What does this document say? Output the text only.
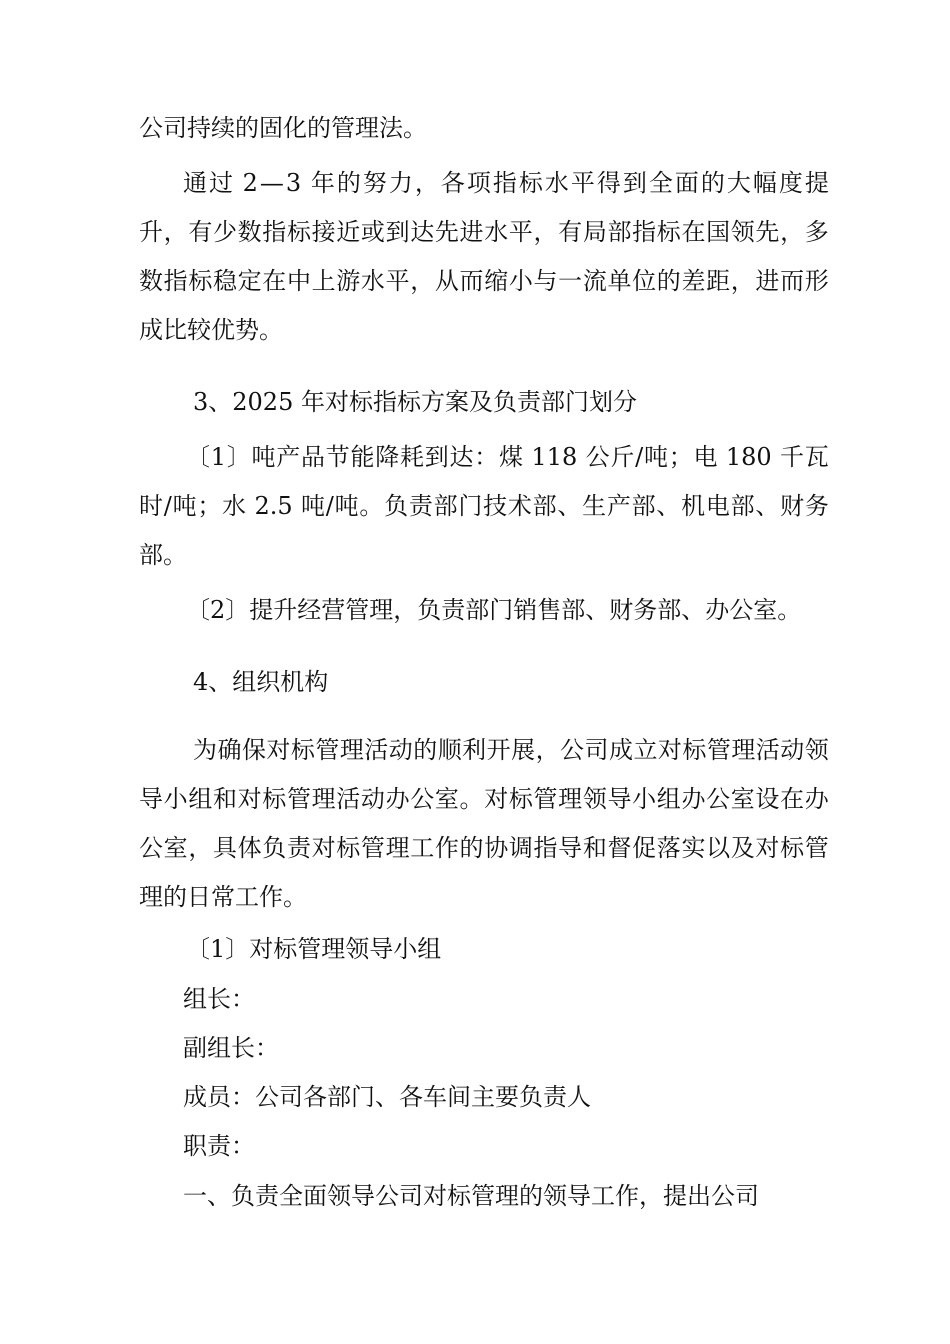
公司持续的固化的管理法。
通 过 2 — 3 年 的 努 力 ， 各 项 指 标 水 平 得 到 全 面 的 大 幅 度 提
升 ， 有 少 数 指 标 接 近 或 到 达 先 进 水 平 ， 有 局 部 指 标 在 国 领 先 ， 多
数 指 标 稳 定 在 中 上 游 水 平 ， 从 而 缩 小 与 一 流 单 位 的 差 距 ， 进 而 形
成比较优势。
3、2025 年对标指标方案及负责部门划分
〔 1 〕 吨 产 品 节 能 降 耗 到 达 ： 煤 118 公 斤 / 吨 ； 电 180 千 瓦
时 / 吨 ； 水 2.5 吨 / 吨 。 负 责 部 门 技 术 部 、 生 产 部 、 机 电 部 、 财 务
部。
〔2〕提升经营管理，负责部门销售部、财务部、办公室。
4、组织机构
为 确 保 对 标 管 理 活 动 的 顺 利 开 展 ， 公 司 成 立 对 标 管 理 活 动 领
导 小 组 和 对 标 管 理 活 动 办 公 室 。 对 标 管 理 领 导 小 组 办 公 室 设 在 办
公 室 ， 具 体 负 责 对 标 管 理 工 作 的 协 调 指 导 和 督 促 落 实 以 及 对 标 管
理的日常工作。
〔1〕对标管理领导小组
组长：
副组长：
成员：公司各部门、各车间主要负责人
职责：
一、负责全面领导公司对标管理的领导工作，提出公司
